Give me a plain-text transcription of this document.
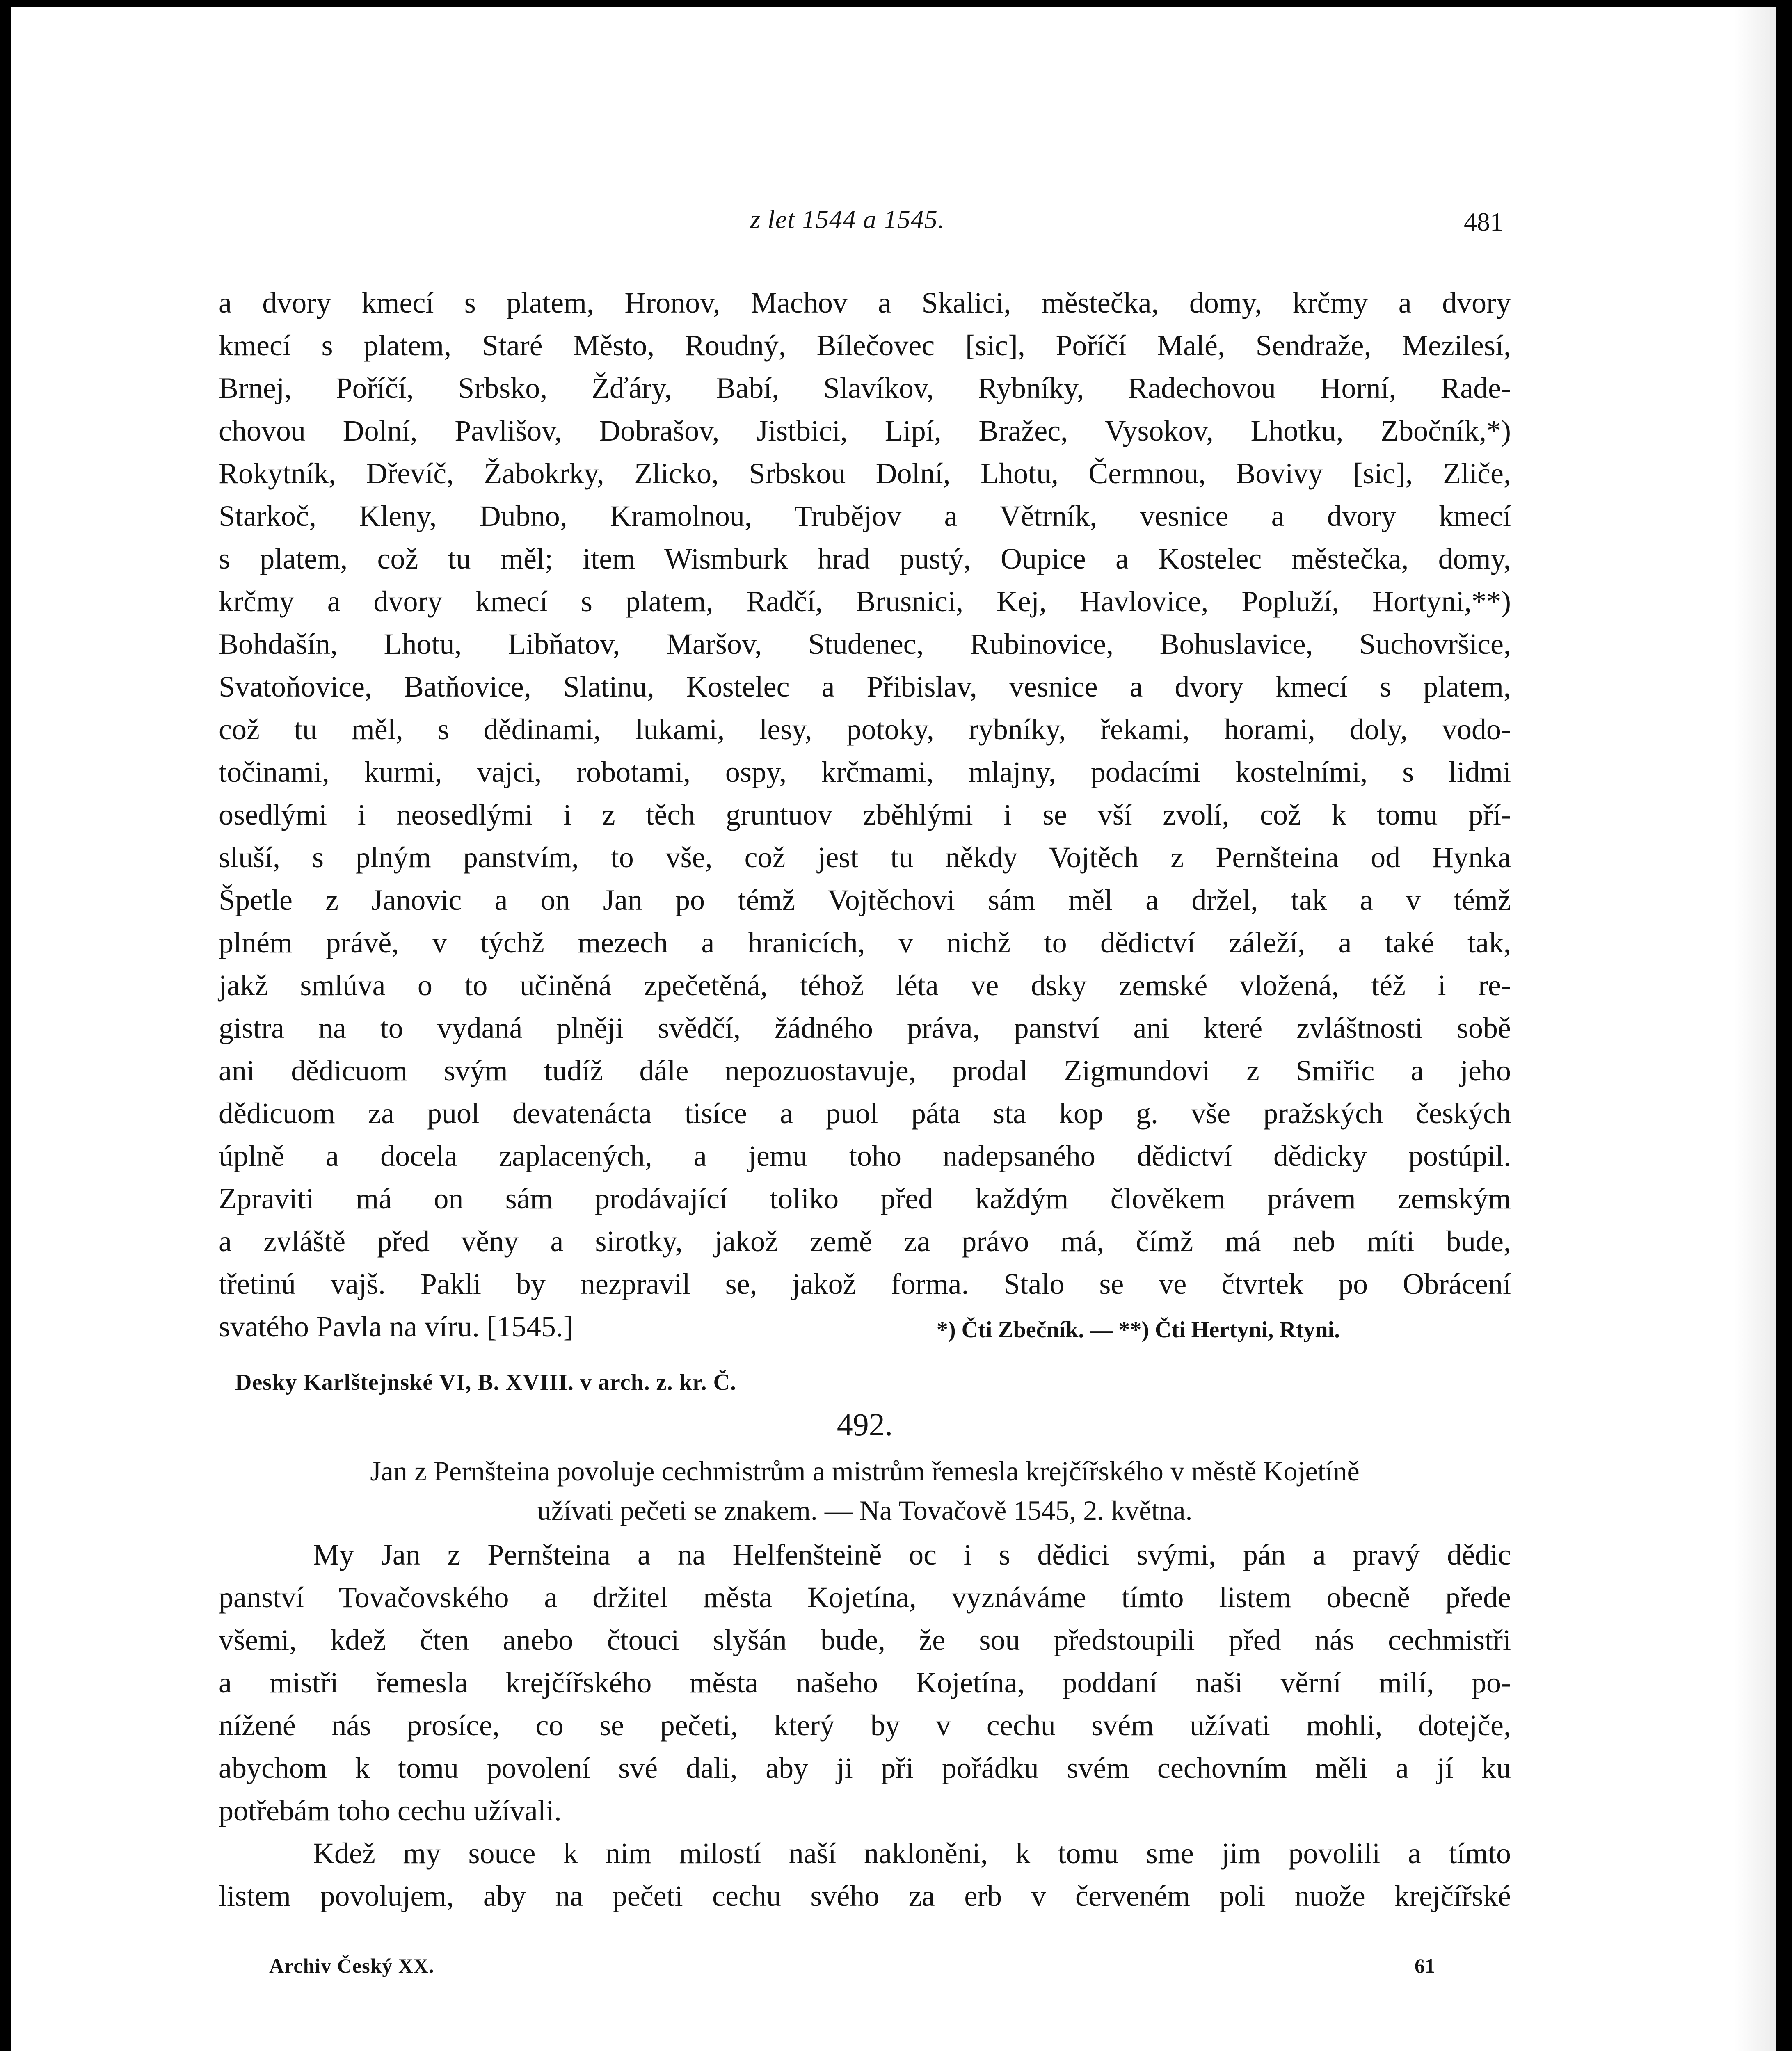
z let 1544 a 1545.	481

a dvory kmecí s platem, Hronov, Machov a Skalici, městečka, domy, krčmy a dvory

kmecí s platem, Staré Město, Roudný, Bílečovec [sic], Poříčí Malé, Sendraže, Mezilesí,

Brnej, Poříčí, Srbsko, Žďáry, Babí, Slavíkov, Rybníky, Radechovou Horní, Rade-

chovou Dolní, Pavlišov, Dobrašov, Jistbici, Lipí, Bražec, Vysokov, Lhotku, Zbočník,*)

Rokytník, Dřevíč, Žabokrky, Zlicko, Srbskou Dolní, Lhotu, Čermnou, Bovivy [sic], Zliče,

Starkoč, Kleny, Dubno, Kramolnou, Trubějov a Větrník, vesnice a dvory kmecí

s platem, což tu měl; item Wismburk hrad pustý, Oupice a Kostelec městečka, domy,

krčmy a dvory kmecí s platem, Radčí, Brusnici, Kej, Havlovice, Popluží, Hortyni,**)

Bohdašín, Lhotu, Libňatov, Maršov, Studenec, Rubinovice, Bohuslavice, Suchovršice,

Svatoňovice, Batňovice, Slatinu, Kostelec a Přibislav, vesnice a dvory kmecí s platem,

což tu měl, s dědinami, lukami, lesy, potoky, rybníky, řekami, horami, doly, vodo-

točinami, kurmi, vajci, robotami, ospy, krčmami, mlajny, podacími kostelními, s lidmi

osedlými i neosedlými i z těch gruntuov zběhlými i se vší zvolí, což k tomu pří-

sluší, s plným panstvím, to vše, což jest tu někdy Vojtěch z Pernšteina od Hynka

Špetle z Janovic a on Jan po témž Vojtěchovi sám měl a držel, tak a v témž

plném právě, v týchž mezech a hranicích, v nichž to dědictví záleží, a také tak,

jakž smlúva o to učiněná zpečetěná, téhož léta ve dsky zemské vložená, též i re-

gistra na to vydaná plněji svědčí, žádného práva, panství ani které zvláštnosti sobě

ani dědicuom svým tudíž dále nepozuostavuje, prodal Zigmundovi z Smiřic a jeho

dědicuom za puol devatenácta tisíce a puol páta sta kop g. vše pražských českých

úplně a docela zaplacených, a jemu toho nadepsaného dědictví dědicky postúpil.

Zpraviti má on sám prodávající toliko před každým člověkem právem zemským

a zvláště před věny a sirotky, jakož země za právo má, čímž má neb míti bude,

třetinú vajš. Pakli by nezpravil se, jakož forma. Stalo se ve čtvrtek po Obrácení

svatého Pavla na víru. [1545.]	*) Čti Zbečník. — **) Čti Hertyni, Rtyni.
Desky Karlštejnské VI, B. XVIII. v arch. z. kr. Č.
492.
Jan z Pernšteina povoluje cechmistrům a mistrům řemesla krejčířského v městě Kojetíně
užívati pečeti se znakem. — Na Tovačově 1545, 2. května.

My Jan z Pernšteina a na Helfenšteině oc i s dědici svými, pán a pravý dědic

panství Tovačovského a držitel města Kojetína, vyznáváme tímto listem obecně přede

všemi, kdež čten anebo čtouci slyšán bude, že sou předstoupili před nás cechmistři

a mistři řemesla krejčířského města našeho Kojetína, poddaní naši věrní milí, po-

nížené nás prosíce, co se pečeti, který by v cechu svém užívati mohli, dotejče,

abychom k tomu povolení své dali, aby ji při pořádku svém cechovním měli a jí ku

potřebám toho cechu užívali.

Kdež my souce k nim milostí naší nakloněni, k tomu sme jim povolili a tímto

listem povolujem, aby na pečeti cechu svého za erb v červeném poli nuože krejčířské

Archiv Český XX.	61
